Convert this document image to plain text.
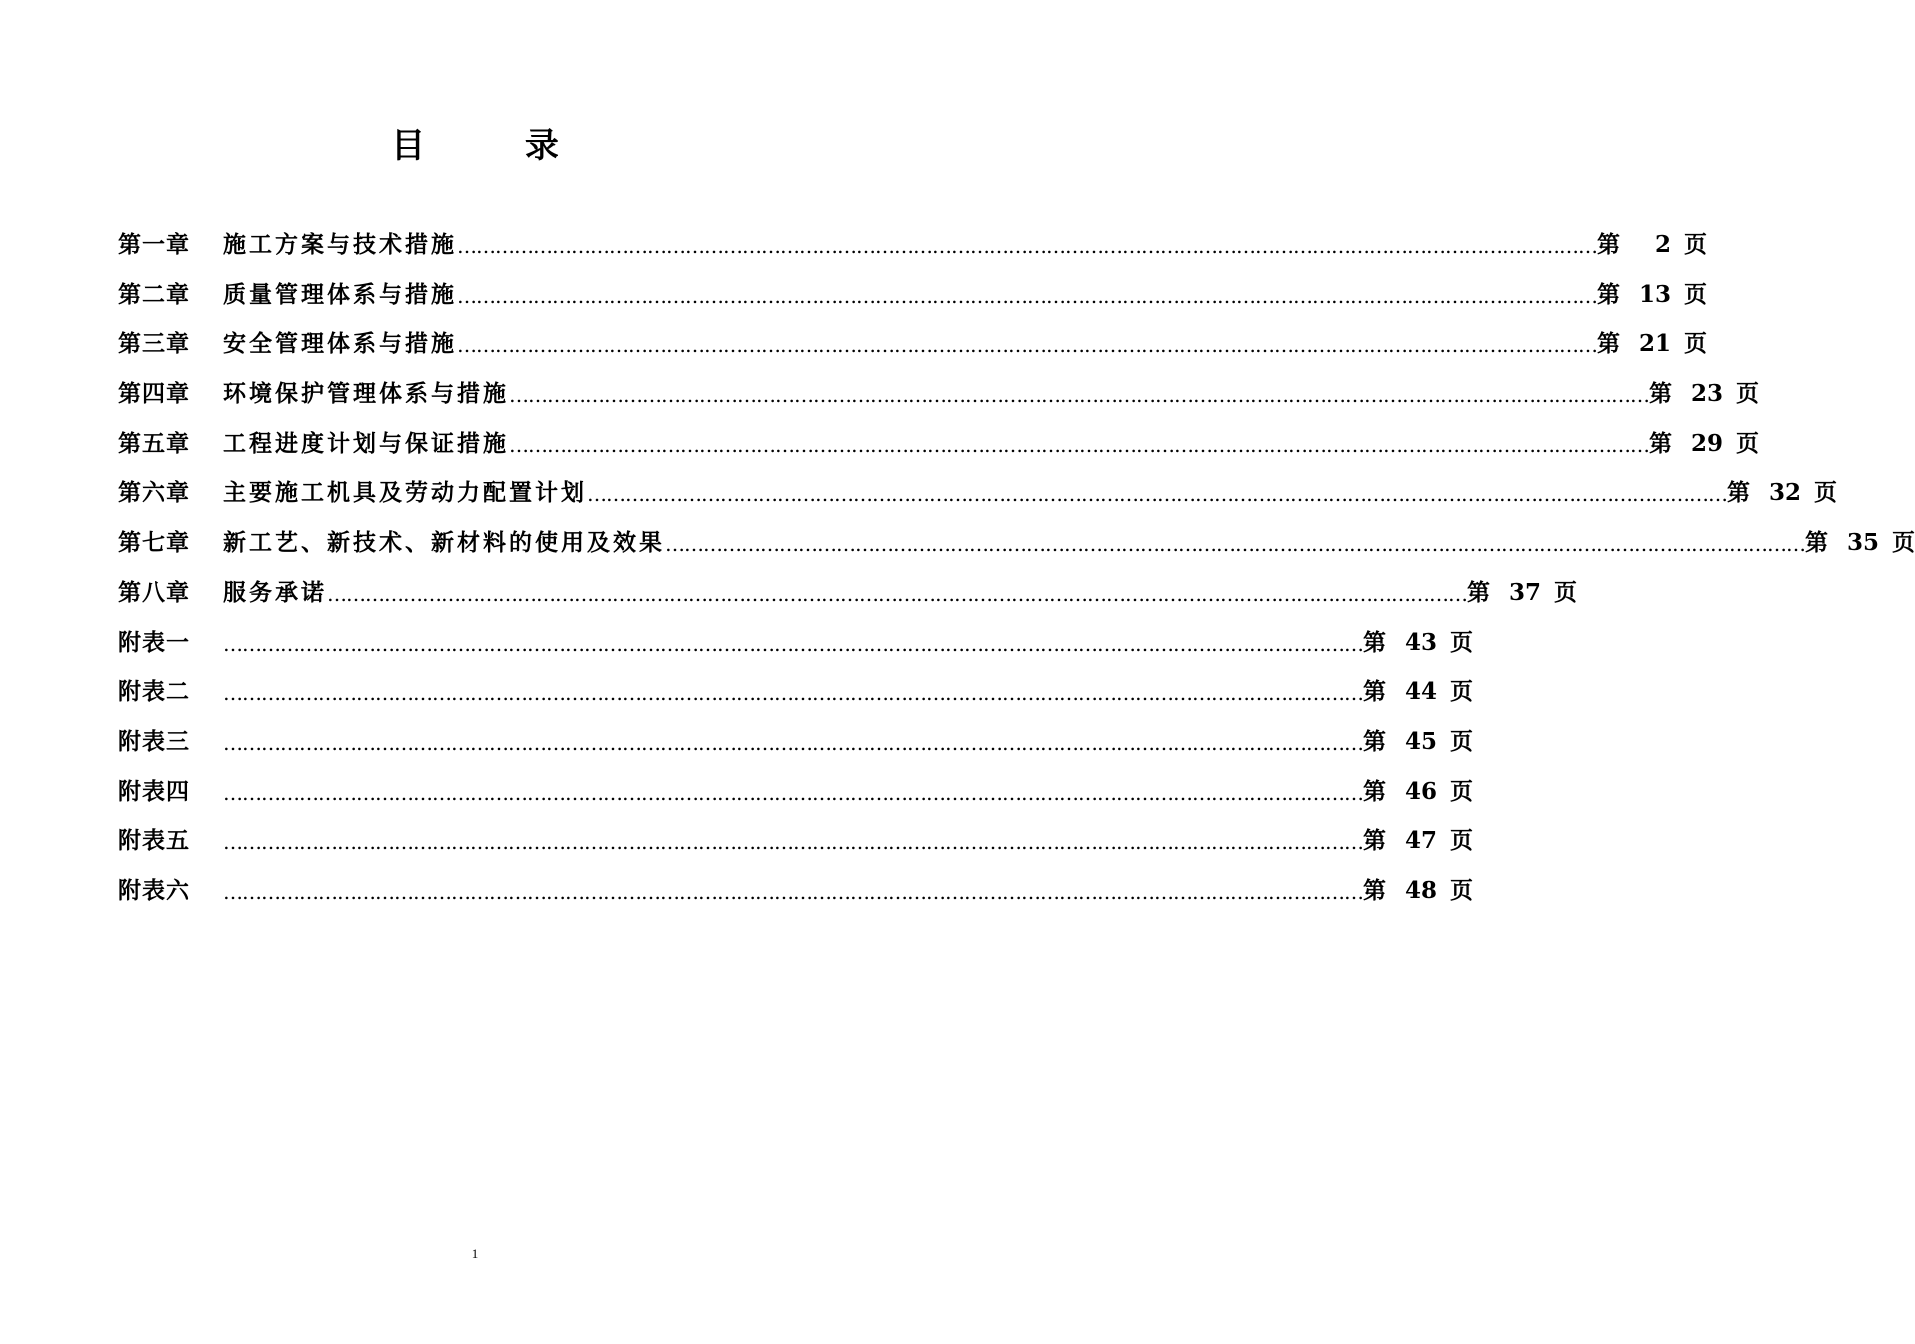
目 录
第一章	施工方案与技术措施 ……………………………………………………………………………………………………………………………………………………………… 第	2 页
第二章	质量管理体系与措施 ……………………………………………………………………………………………………………………………………………………………… 第 13 页
第三章	安全管理体系与措施 ……………………………………………………………………………………………………………………………………………………………… 第 21 页
第四章	环境保护管理体系与措施 ……………………………………………………………………………………………………………………………………………………………… 第 23 页
第五章	工程进度计划与保证措施 ……………………………………………………………………………………………………………………………………………………………… 第 29 页
第六章	主要施工机具及劳动力配置计划 ……………………………………………………………………………………………………………………………………………………………… 第 32 页
第七章	新工艺、新技术、新材料的使用及效果 ……………………………………………………………………………………………………………………………………………………………… 第 35 页
第八章	服务承诺 ……………………………………………………………………………………………………………………………………………………………… 第 37 页
附表一	……………………………………………………………………………………………………………………………………………………………… 第 43 页
附表二	……………………………………………………………………………………………………………………………………………………………… 第 44 页
附表三	……………………………………………………………………………………………………………………………………………………………… 第 45 页
附表四	……………………………………………………………………………………………………………………………………………………………… 第 46 页
附表五	……………………………………………………………………………………………………………………………………………………………… 第 47 页
附表六	……………………………………………………………………………………………………………………………………………………………… 第 48 页
1
